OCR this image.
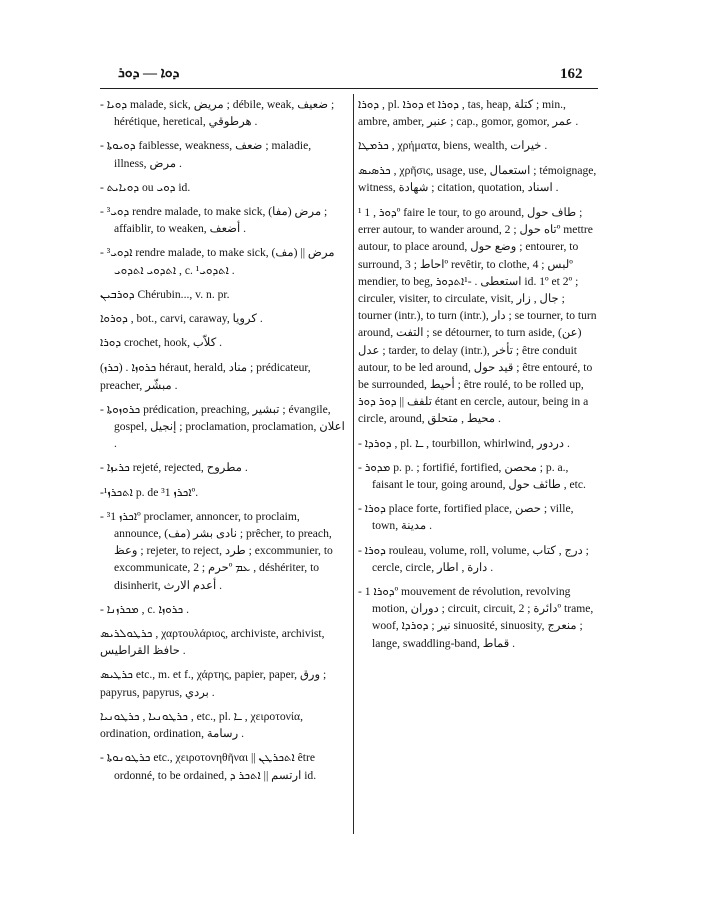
ܕܘܐ — ܕܘܪ	162

- ܕܘܝܐ malade, sick, مريض ; débile, weak, ضعيف ; hérétique, heretical, هرطوقي .

- ܕܘܝܘܬܐ faiblesse, weakness, ضعف ; maladie, illness, مرض .

- ܕܘܝܐܝܬ ou ܕܘܝ id.

- ³ܕܘܝ rendre malade, to make sick, (مفا) مرض ; affaiblir, to weaken, أضعف .

- ³ܐܕܘܝ rendre malade, to make sick, (مف) مرض || ܐܬܕܘܝ ܐܬܕܘܝ , c. ¹ܐܬܕܘܝ .

ܕܘܪܒܝܢ Chérubin..., v. n. pr.

ܕܘܪܘܐ , bot., carvi, caraway, كرويا .

ܕܘܪܐ crochet, hook, كلاّب .

(ܟܪܙ) . ܟܪܘܙܐ héraut, herald, مناد ; prédicateur, preacher, مبشّر .

- ܟܪܘܙܘܬܐ prédication, preaching, تبشير ; évangile, gospel, إنجيل ; proclamation, proclamation, اعلان .

- ܟܪܝܙܐ rejeté, rejected, مطروح .

-¹ܐܬܟܪܙ p. de ³ܐܟܪܙ 1º.

- ³ܐܟܪܙ 1º proclamer, annoncer, to proclaim, announce, (مف) نادى بشر ; prêcher, to preach, وعظ ; rejeter, to reject, طرد ; excommunier, to excommunicate, حرم ; 2º ܥܡ , déshériter, to disinherit, أعدم الارث .

- ܡܟܪܙܢܐ , c. ܟܪܘܙܐ .

ܟܪܛܘܠܪܝܣ , χαρτουλάριος, archiviste, archivist, حافظ القراطيس .

ܟܪܛܝܣ etc., m. et f., χάρτης, papier, paper, ورق ; papyrus, papyrus, بردي .

ܟܪܛܘܢܝܐ , ܟܪܛܘܢܝܐ , etc., pl. ـܐ , χειροτονία, ordination, ordination, رسامة .

- ܟܪܛܘܢܘܬܐ etc., χειροτονηθῆναι || ܐܬܟܪܛܢ être ordonné, to be ordained, ارتسم || ܐܬܟܪ ܕ id.

ܕܘܪܐ , pl. ܕܘܪܐ et ܕܘܪܐ , tas, heap, كتلة ; min., ambre, amber, عنبر ; cap., gomor, gomor, عمر .

ܟܪܡܛܐ , χρήματα, biens, wealth, خيرات .

ܟܪܣܝܣ , χρῆσις, usage, use, استعمال ; témoignage, witness, شهادة ; citation, quotation, اسناد .

¹ ܕܘܪ , 1º faire le tour, to go around, طاف حول ; errer autour, to wander around, تاه حول ; 2º mettre autour, to place around, وضع حول ; entourer, to surround, احاط ; 3º revêtir, to clothe, لبس ; 4º mendier, to beg, استعطى . -¹ܐܬܕܘܪ id. 1º et 2º ; circuler, visiter, to circulate, visit, جال , زار ; tourner (intr.), to turn (intr.), دار ; se tourner, to turn around, التفت ; se détourner, to turn aside, (عن) عدل ; tarder, to delay (intr.), تأخر ; être conduit autour, to be led around, قيد حول ; être entouré, to be surrounded, أحيط ; être roulé, to be rolled up, تلفف || ܕܘܪ ܕܘܪ étant en cercle, autour, being in a circle, around, محيط , متحلق .

- ܕܘܪܕܐ , pl. ـܐ , tourbillon, whirlwind, دردور .

- ܡܕܘܪ p. p. ; fortifié, fortified, محصن ; p. a., faisant le tour, going around, طائف حول , etc.

- ܕܘܪܐ place forte, fortified place, حصن ; ville, town, مدينة .

- ܕܘܪܐ rouleau, volume, roll, volume, درج , كتاب ; cercle, circle, دارة , اطار .

- ܕܘܪܐ 1º mouvement de révolution, revolving motion, دوران ; circuit, circuit, دائرة ; 2º trame, woof, نير ; ܕܘܪܕܐ sinuosité, sinuosity, منعرج ; lange, swaddling-band, قماط .
